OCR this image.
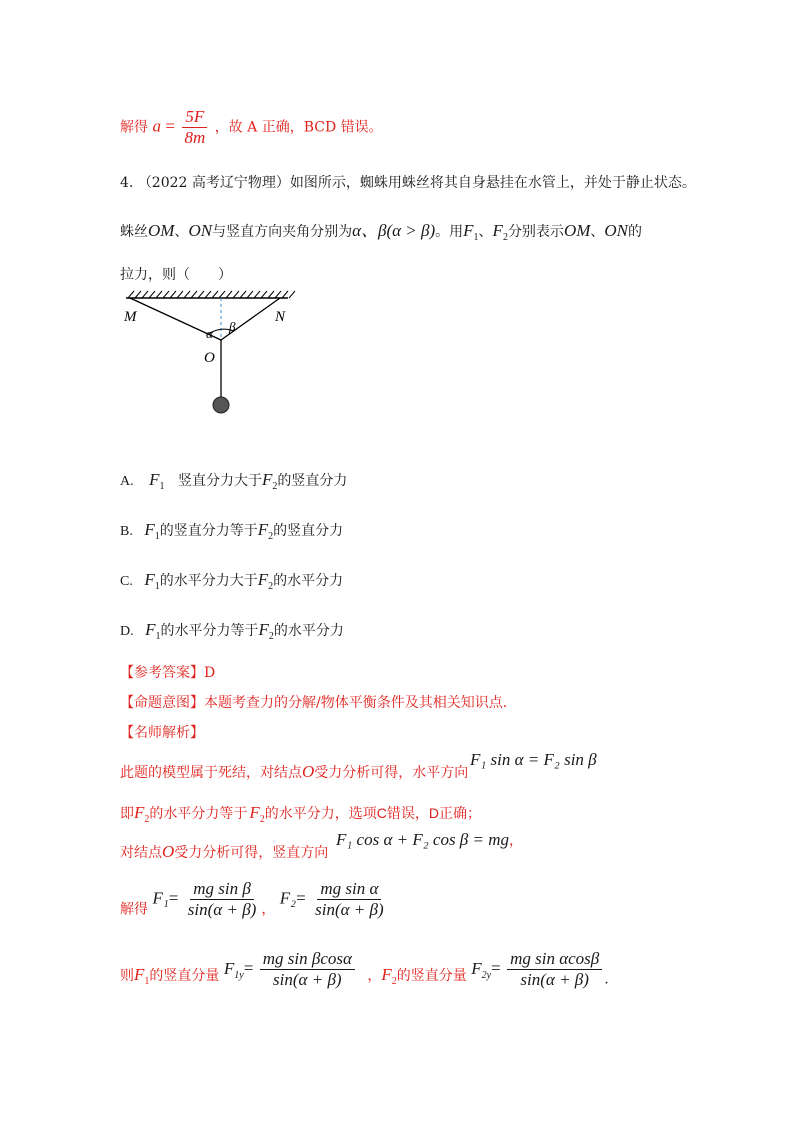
解得 $a = \frac{5F}{8m}$ ，故 A 正确，BCD 错误。
4. （2022 高考辽宁物理）如图所示，蜘蛛用蛛丝将其自身悬挂在水管上，并处于静止状态。
蛛丝OM、ON与竖直方向夹角分别为α、β(α > β)。用$F_1$、$F_2$分别表示OM、ON的
拉力，则（　　）
M	N
O
α β
A. $F_1$ 竖直分力大于$F_2$的竖直分力
B. $F_1$的竖直分力等于$F_2$的竖直分力
C. $F_1$的水平分力大于$F_2$的水平分力
D. $F_1$的水平分力等于$F_2$的水平分力
【参考答案】D
【命题意图】本题考查力的分解/物体平衡条件及其相关知识点.
【名师解析】
此题的模型属于死结，对结点O受力分析可得，水平方向
F₁ sin α = F₂ sin β
即$F_2$的水平分力等于 $F_2$的水平分力，选项C错误，D正确；
对结点O受力分析可得，竖直方向
F₁ cos α + F₂ cos β = mg，
解得 $F_1= \frac{\text{mg sin β}}{\sin(\alpha + \beta)}$ ， $F_2= \frac{\text{mg sin α}}{\sin(\alpha + \beta)}$
则$F_1$的竖直分量 $F_{1y}= \frac{\text{mg sin βcosα}}{\sin(\alpha + \beta)}$ ，$F_2$的竖直分量 $F_{2y}= \frac{\text{mg sin αcosβ}}{\sin(\alpha + \beta)}$ .
